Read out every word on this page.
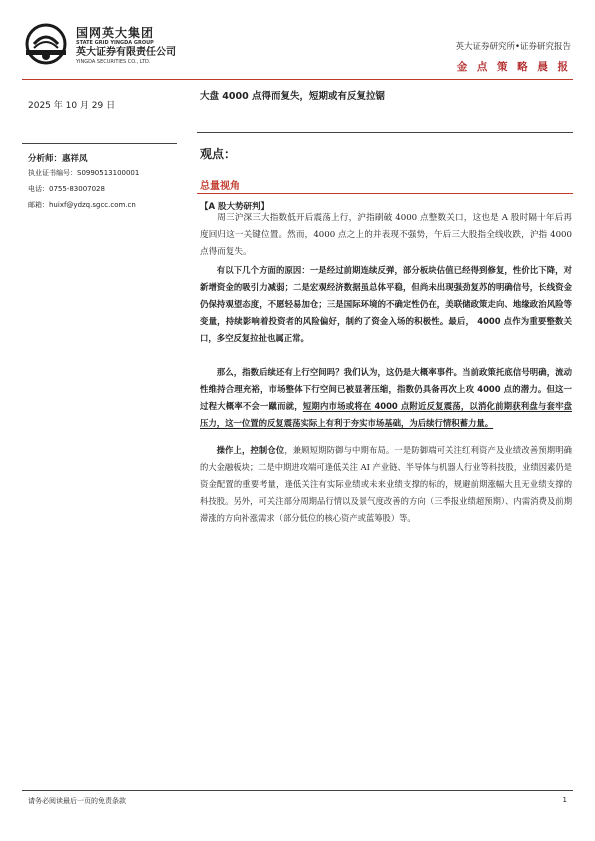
国网英大集团
STATE GRID YINGDA GROUP
英大证券有限责任公司
YINGDA SECURITIES CO., LTD.
英大证券研究所•证券研究报告
金 点 策 略 晨 报
2025 年 10 月 29 日
大盘 4000 点得而复失，短期或有反复拉锯
分析师：惠祥凤
执业证书编号：S0990513100001
电话：0755-83007028
邮箱：huixf@ydzq.sgcc.com.cn
观点：
总量视角
【A 股大势研判】

周三沪深三大指数低开后震荡上行，沪指刷破 4000 点整数关口，这也是 A 股时隔十年后再度回归这一关键位置。然而，4000 点之上的并表现不强势，午后三大股指全线收跌，沪指 4000 点得而复失。

有以下几个方面的原因：一是经过前期连续反弹，部分板块估值已经得到修复，性价比下降，对新增资金的吸引力减弱；二是宏观经济数据虽总体平稳，但尚未出现强劲复苏的明确信号，长线资金仍保持观望态度，不愿轻易加仓；三是国际环境的不确定性仍在，美联储政策走向、地缘政治风险等变量，持续影响着投资者的风险偏好，制约了资金入场的积极性。最后， 4000 点作为重要整数关口，多空反复拉扯也属正常。

那么，指数后续还有上行空间吗？我们认为，这仍是大概率事件。当前政策托底信号明确，流动性维持合理充裕，市场整体下行空间已被显著压缩，指数仍具备再次上攻 4000 点的潜力。但这一过程大概率不会一蹴而就，短期内市场或将在 4000 点附近反复震荡，以消化前期获利盘与套牢盘压力，这一位置的反复震荡实际上有利于夯实市场基础，为后续行情积蓄力量。

操作上，控制仓位，兼顾短期防御与中期布局。一是防御端可关注红利资产及业绩改善预期明确的大金融板块；二是中期进攻端可逢低关注 AI 产业链、半导体与机器人行业等科技股，业绩因素仍是资金配置的重要考量，逢低关注有实际业绩或未来业绩支撑的标的，规避前期涨幅大且无业绩支撑的科技股。另外，可关注部分周期品行情以及景气度改善的方向（三季报业绩超预期）、内需消费及前期滞涨的方向补涨需求（部分低位的核心资产或蓝筹股）等。

请务必阅读最后一页的免责条款	1
